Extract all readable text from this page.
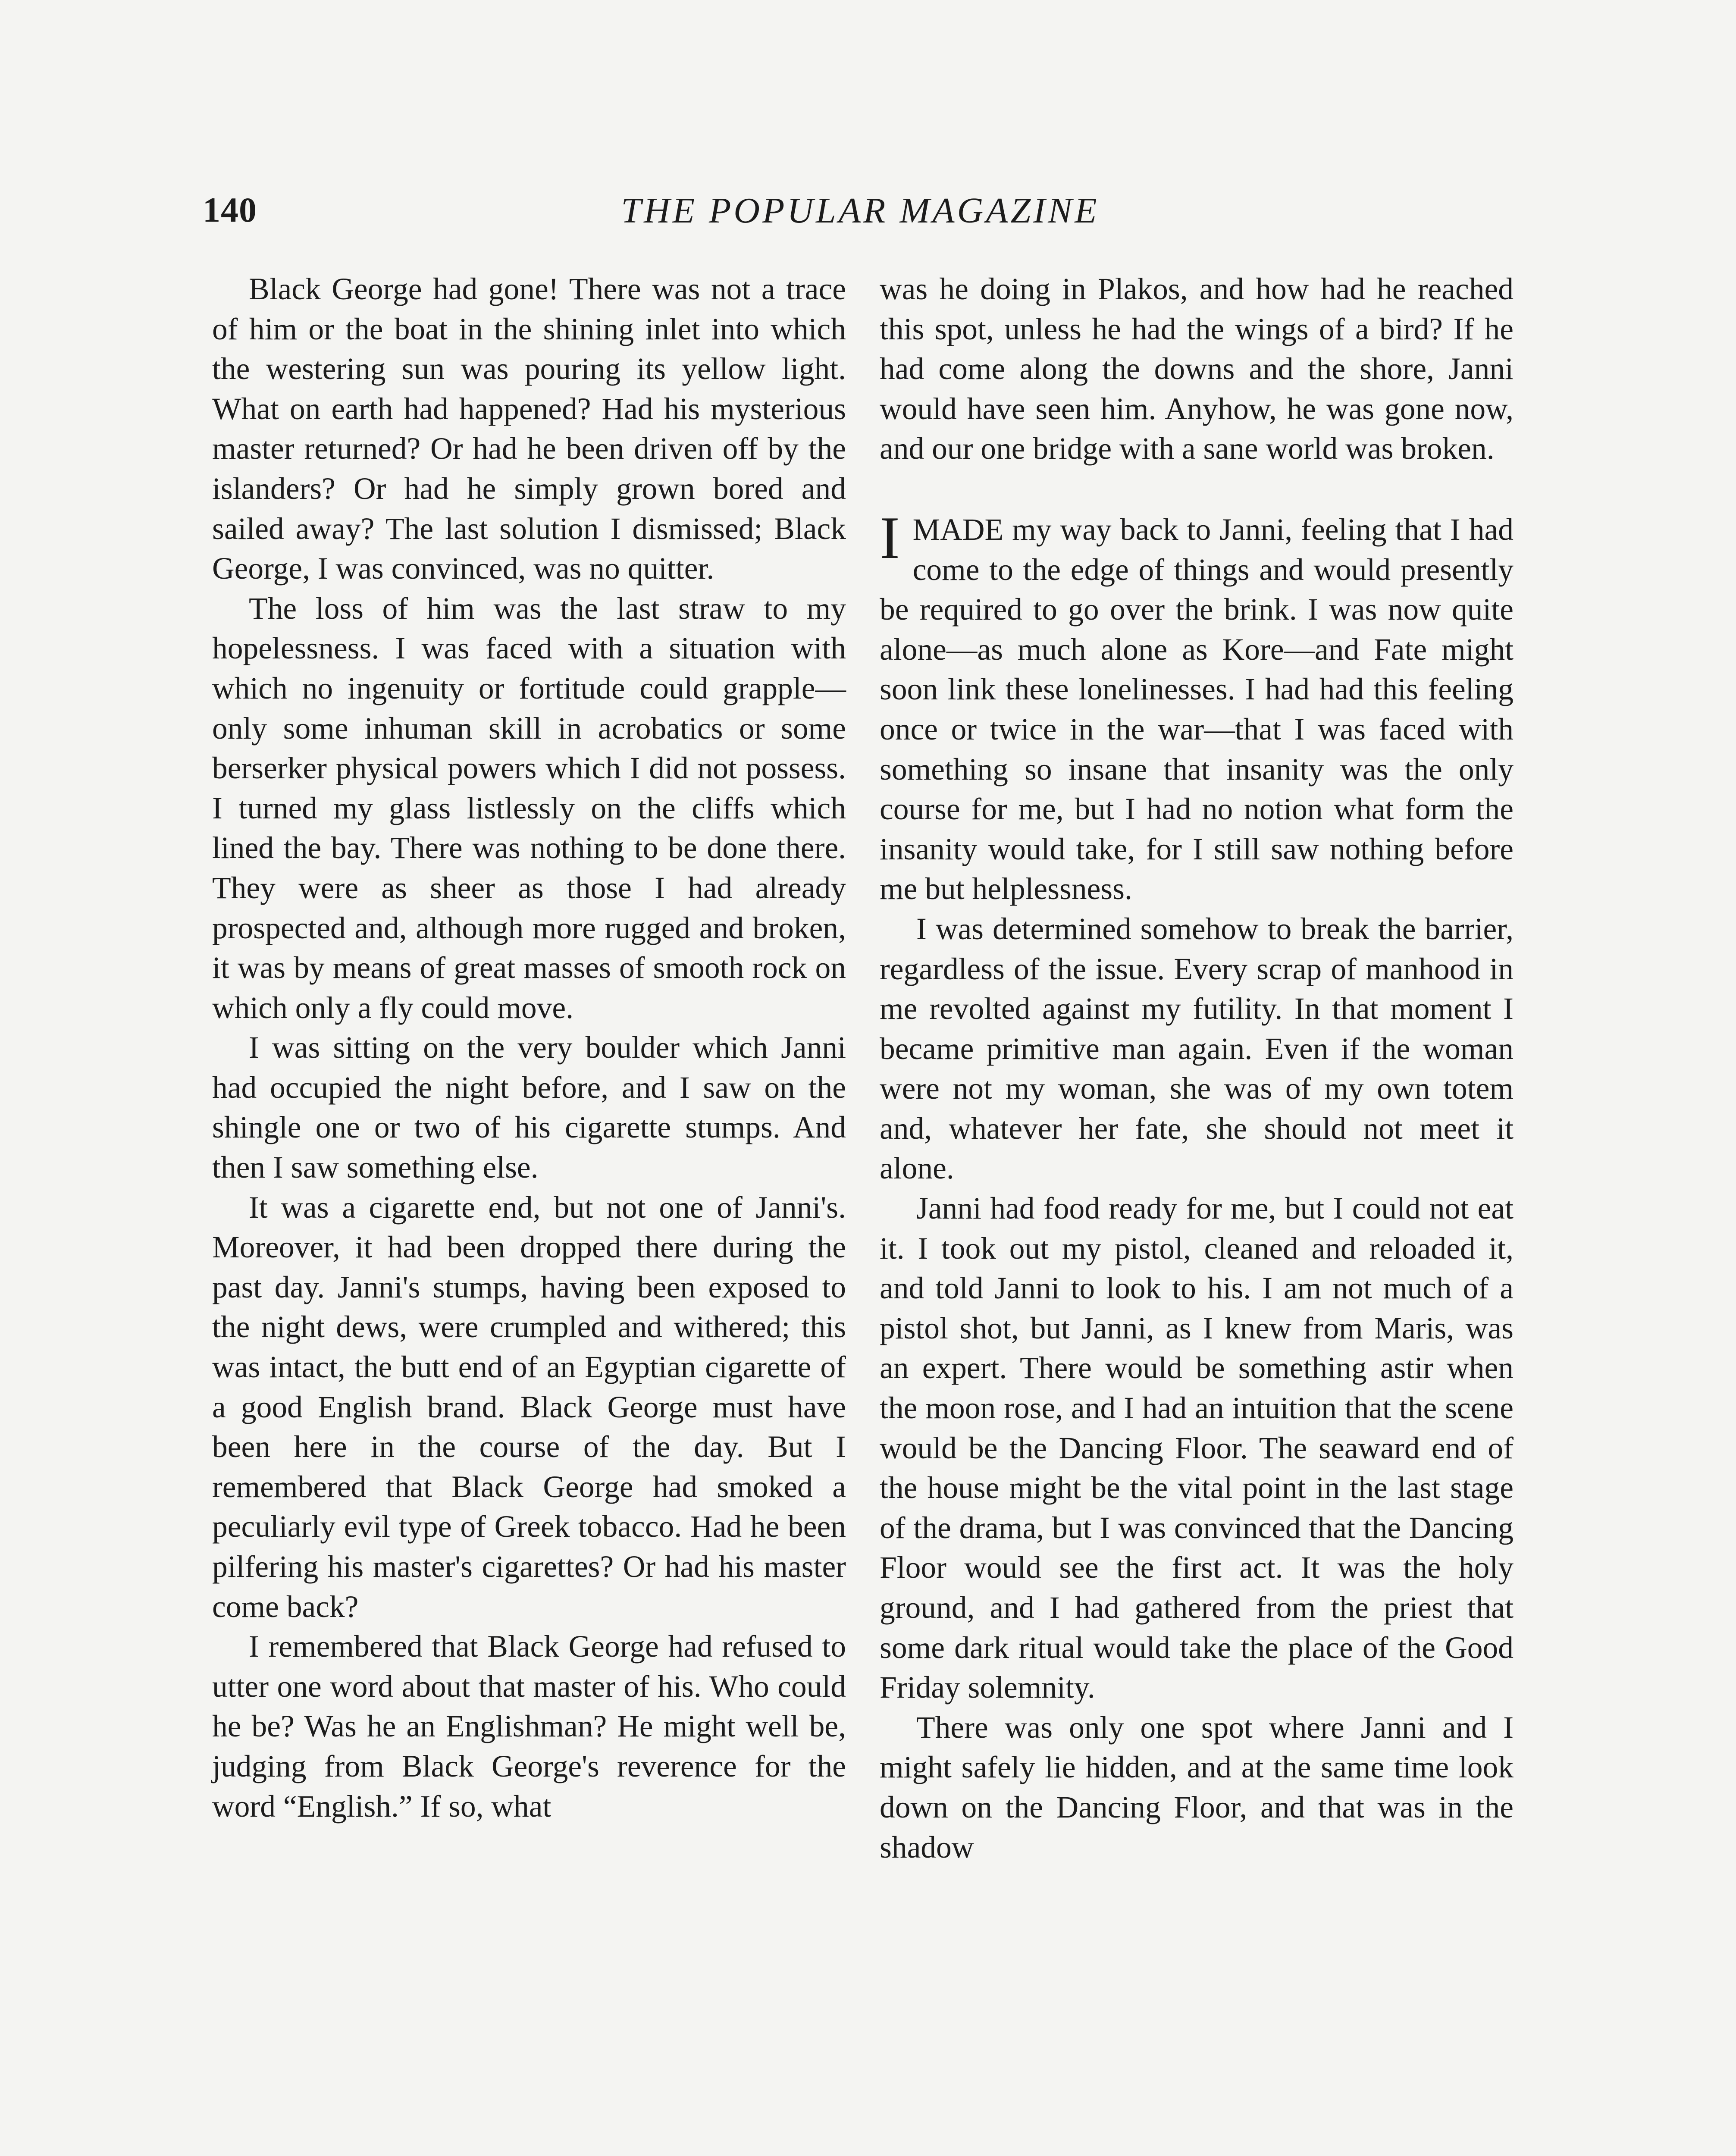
140	THE POPULAR MAGAZINE

Black George had gone! There was not a trace of him or the boat in the shining inlet into which the westering sun was pouring its yellow light. What on earth had happened? Had his mysterious master returned? Or had he been driven off by the islanders? Or had he simply grown bored and sailed away? The last solution I dismissed; Black George, I was convinced, was no quitter.

The loss of him was the last straw to my hopelessness. I was faced with a situation with which no ingenuity or fortitude could grapple—only some inhuman skill in acrobatics or some berserker physical powers which I did not possess. I turned my glass listlessly on the cliffs which lined the bay. There was nothing to be done there. They were as sheer as those I had already prospected and, although more rugged and broken, it was by means of great masses of smooth rock on which only a fly could move.

I was sitting on the very boulder which Janni had occupied the night before, and I saw on the shingle one or two of his cigarette stumps. And then I saw something else.

It was a cigarette end, but not one of Janni's. Moreover, it had been dropped there during the past day. Janni's stumps, having been exposed to the night dews, were crumpled and withered; this was intact, the butt end of an Egyptian cigarette of a good English brand. Black George must have been here in the course of the day. But I remembered that Black George had smoked a peculiarly evil type of Greek tobacco. Had he been pilfering his master's cigarettes? Or had his master come back?

I remembered that Black George had refused to utter one word about that master of his. Who could he be? Was he an Englishman? He might well be, judging from Black George's reverence for the word “English.” If so, what

was he doing in Plakos, and how had he reached this spot, unless he had the wings of a bird? If he had come along the downs and the shore, Janni would have seen him. Anyhow, he was gone now, and our one bridge with a sane world was broken.

IMADE my way back to Janni, feeling that I had come to the edge of things and would presently be required to go over the brink. I was now quite alone—as much alone as Kore—and Fate might soon link these lonelinesses. I had had this feeling once or twice in the war—that I was faced with something so insane that insanity was the only course for me, but I had no notion what form the insanity would take, for I still saw nothing before me but helplessness.

I was determined somehow to break the barrier, regardless of the issue. Every scrap of manhood in me revolted against my futility. In that moment I became primitive man again. Even if the woman were not my woman, she was of my own totem and, whatever her fate, she should not meet it alone.

Janni had food ready for me, but I could not eat it. I took out my pistol, cleaned and reloaded it, and told Janni to look to his. I am not much of a pistol shot, but Janni, as I knew from Maris, was an expert. There would be something astir when the moon rose, and I had an intuition that the scene would be the Dancing Floor. The seaward end of the house might be the vital point in the last stage of the drama, but I was convinced that the Dancing Floor would see the first act. It was the holy ground, and I had gathered from the priest that some dark ritual would take the place of the Good Friday solemnity.

There was only one spot where Janni and I might safely lie hidden, and at the same time look down on the Dancing Floor, and that was in the shadow
